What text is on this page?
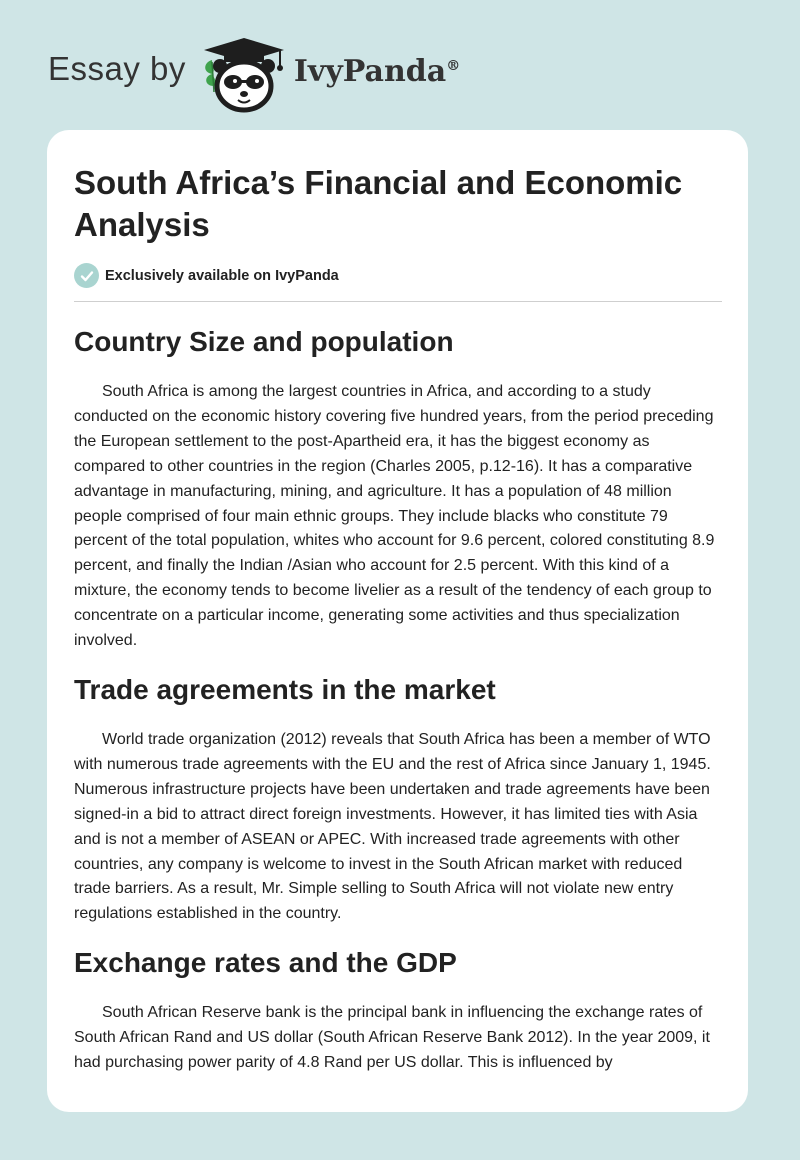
Essay by	IvyPanda®
South Africa’s Financial and Economic Analysis
Exclusively available on IvyPanda
Country Size and population

South Africa is among the largest countries in Africa, and according to a study conducted on the economic history covering five hundred years, from the period preceding the European settlement to the post-Apartheid era, it has the biggest economy as compared to other countries in the region (Charles 2005, p.12-16). It has a comparative advantage in manufacturing, mining, and agriculture. It has a population of 48 million people comprised of four main ethnic groups. They include blacks who constitute 79 percent of the total population, whites who account for 9.6 percent, colored constituting 8.9 percent, and finally the Indian /Asian who account for 2.5 percent. With this kind of a mixture, the economy tends to become livelier as a result of the tendency of each group to concentrate on a particular income, generating some activities and thus specialization involved.

Trade agreements in the market

World trade organization (2012) reveals that South Africa has been a member of WTO with numerous trade agreements with the EU and the rest of Africa since January 1, 1945. Numerous infrastructure projects have been undertaken and trade agreements have been signed-in a bid to attract direct foreign investments. However, it has limited ties with Asia and is not a member of ASEAN or APEC. With increased trade agreements with other countries, any company is welcome to invest in the South African market with reduced trade barriers. As a result, Mr. Simple selling to South Africa will not violate new entry regulations established in the country.

Exchange rates and the GDP

South African Reserve bank is the principal bank in influencing the exchange rates of South African Rand and US dollar (South African Reserve Bank 2012). In the year 2009, it had purchasing power parity of 4.8 Rand per US dollar. This is influenced by
